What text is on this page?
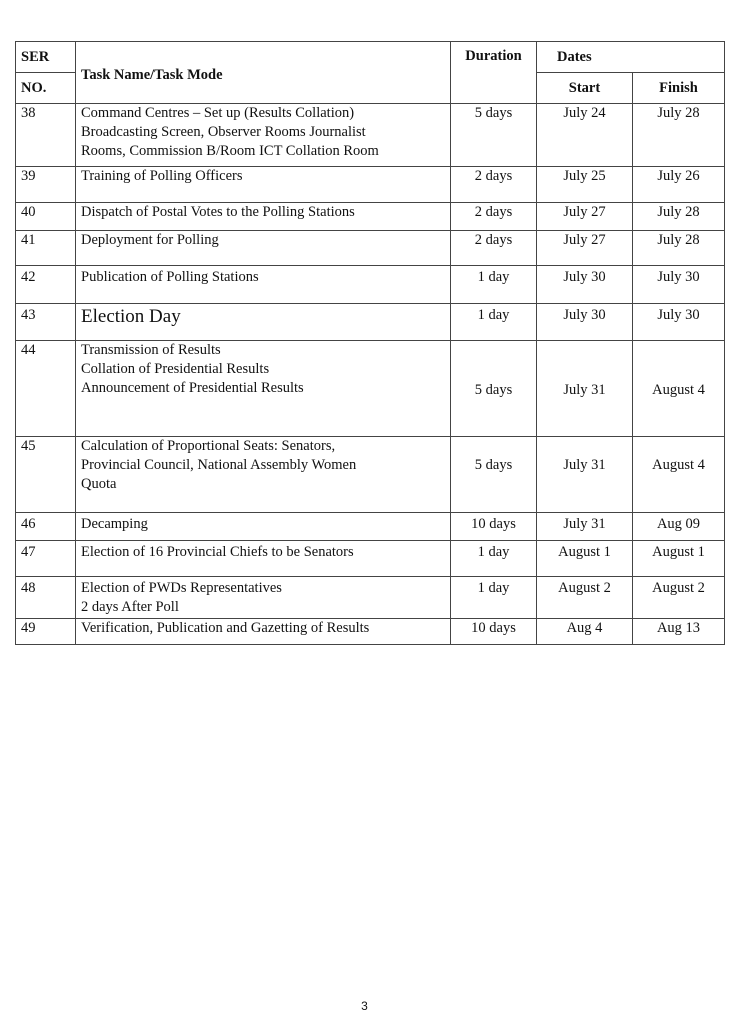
SER	Task Name/Task Mode	Duration	Dates	
NO.			Start	Finish
38	Command Centres – Set up (Results Collation)
Broadcasting Screen, Observer Rooms Journalist
Rooms, Commission B/Room ICT Collation Room	5 days	July 24	July 28
39	Training of Polling Officers	2 days	July 25	July 26
40	Dispatch of Postal Votes to the Polling Stations	2 days	July 27	July 28
41	Deployment for Polling	2 days	July 27	July 28
42	Publication of Polling Stations	1 day	July 30	July 30
43	Election Day	1 day	July 30	July 30
44	Transmission of Results
Collation of Presidential Results
Announcement of Presidential Results	5 days	July 31	August 4
45	Calculation of Proportional Seats: Senators,
Provincial Council, National Assembly Women
Quota	5 days	July 31	August 4
46	Decamping	10 days	July 31	Aug 09
47	Election of 16 Provincial Chiefs to be Senators	1 day	August 1	August 1
48	Election of PWDs Representatives
2 days After Poll	1 day	August 2	August 2
49	Verification, Publication and Gazetting of Results	10 days	Aug 4	Aug 13
3
